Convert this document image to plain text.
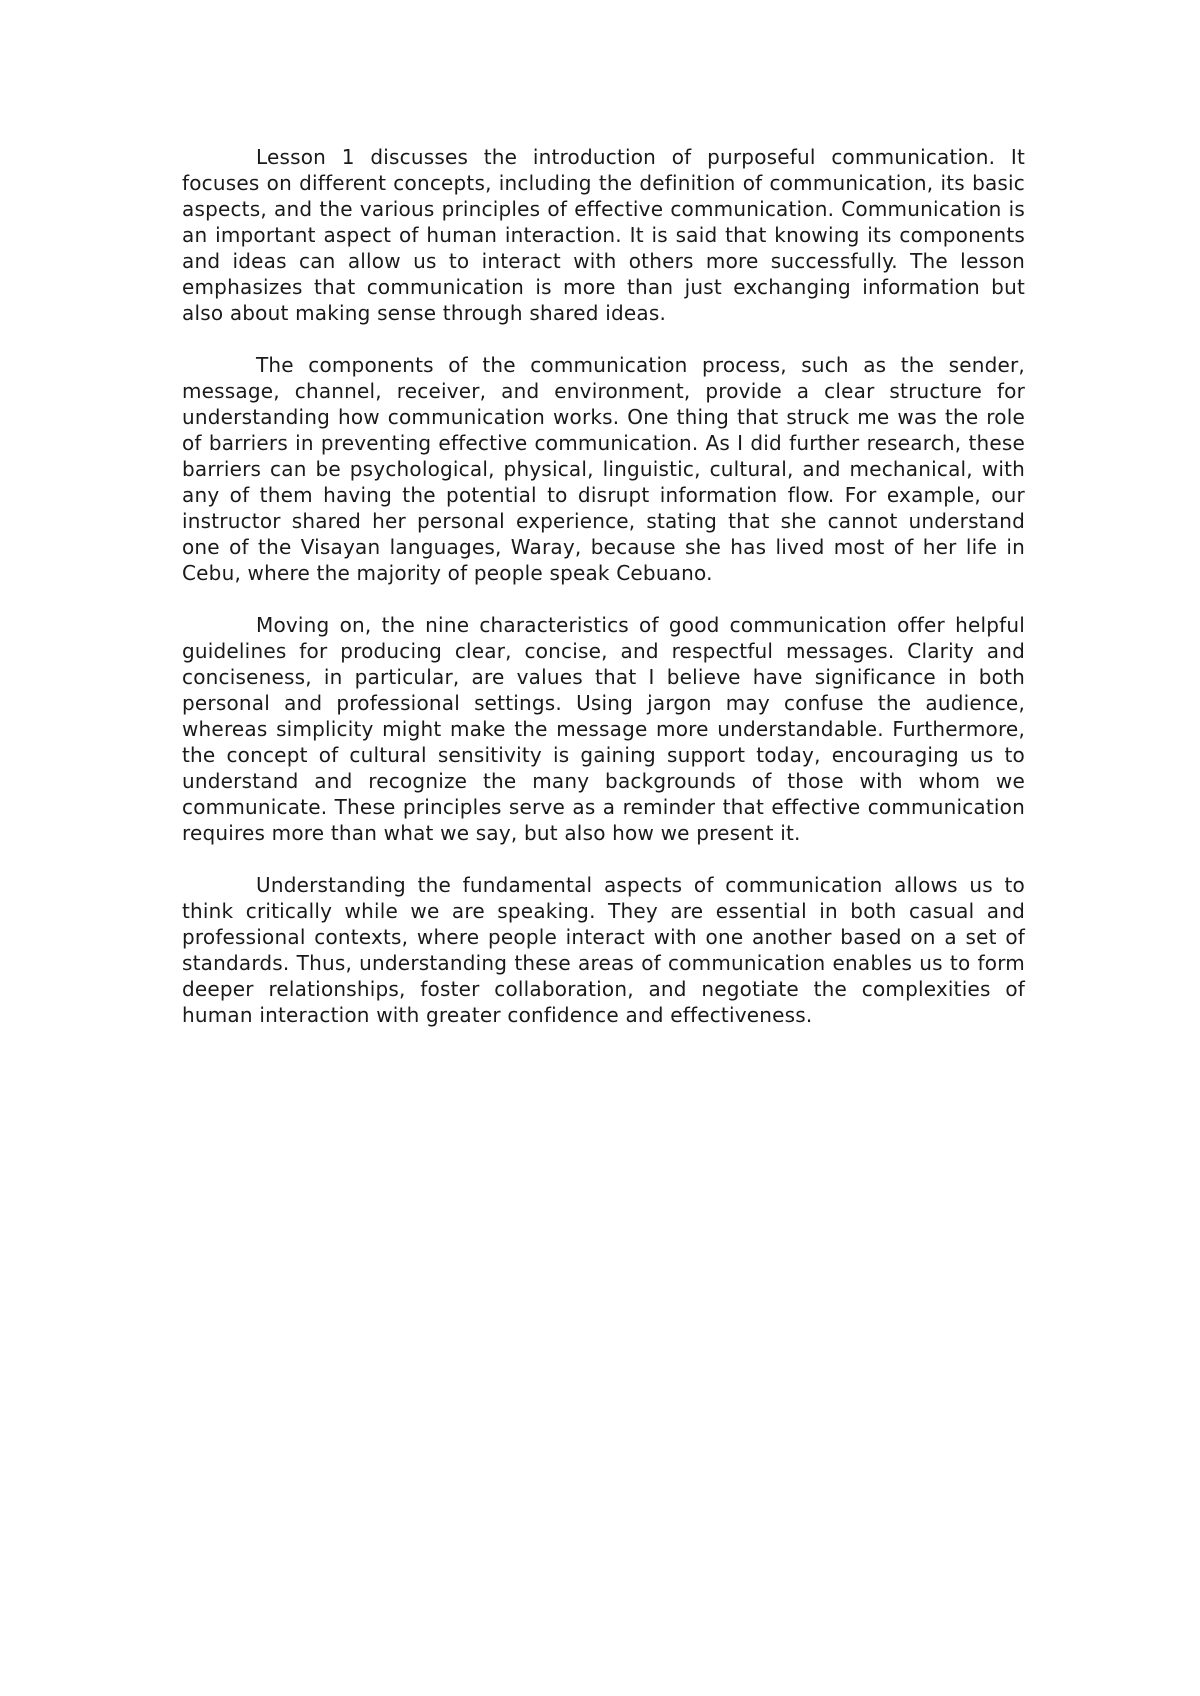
Lesson 1 discusses the introduction of purposeful communication. It focuses on different concepts, including the definition of communication, its basic aspects, and the various principles of effective communication. Communication is an important aspect of human interaction. It is said that knowing its components and ideas can allow us to interact with others more successfully. The lesson emphasizes that communication is more than just exchanging information but also about making sense through shared ideas.

The components of the communication process, such as the sender, message, channel, receiver, and environment, provide a clear structure for understanding how communication works. One thing that struck me was the role of barriers in preventing effective communication. As I did further research, these barriers can be psychological, physical, linguistic, cultural, and mechanical, with any of them having the potential to disrupt information flow. For example, our instructor shared her personal experience, stating that she cannot understand one of the Visayan languages, Waray, because she has lived most of her life in Cebu, where the majority of people speak Cebuano.

Moving on, the nine characteristics of good communication offer helpful guidelines for producing clear, concise, and respectful messages. Clarity and conciseness, in particular, are values that I believe have significance in both personal and professional settings. Using jargon may confuse the audience, whereas simplicity might make the message more understandable. Furthermore, the concept of cultural sensitivity is gaining support today, encouraging us to understand and recognize the many backgrounds of those with whom we communicate. These principles serve as a reminder that effective communication requires more than what we say, but also how we present it.

Understanding the fundamental aspects of communication allows us to think critically while we are speaking. They are essential in both casual and professional contexts, where people interact with one another based on a set of standards. Thus, understanding these areas of communication enables us to form deeper relationships, foster collaboration, and negotiate the complexities of human interaction with greater confidence and effectiveness.
